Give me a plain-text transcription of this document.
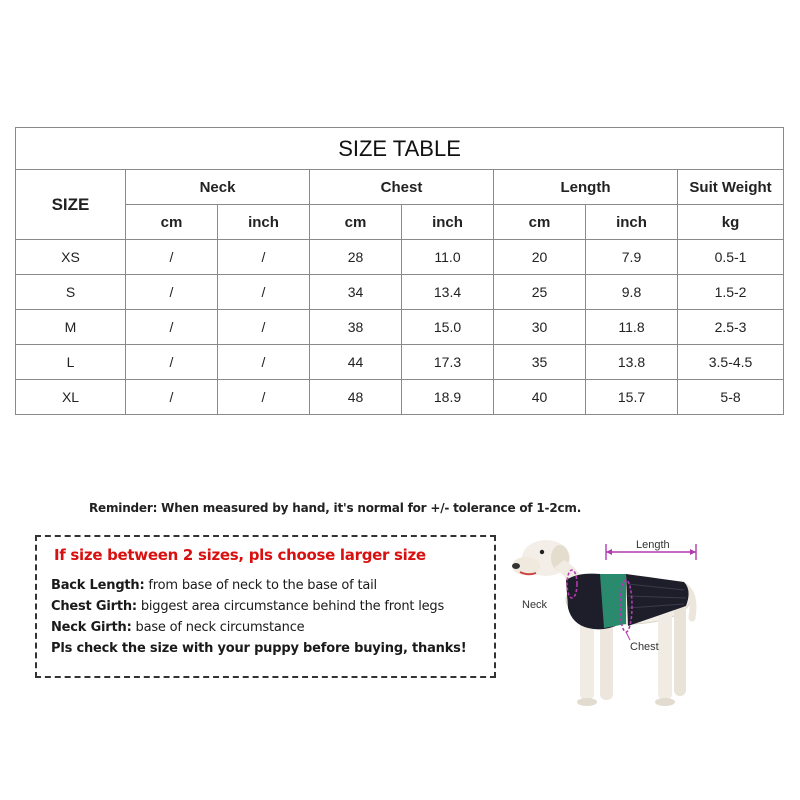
SIZE TABLE							
SIZE	Neck		Chest		Length		Suit Weight
	cm	inch	cm	inch	cm	inch	kg
XS	/	/	28	11.0	20	7.9	0.5-1
S	/	/	34	13.4	25	9.8	1.5-2
M	/	/	38	15.0	30	11.8	2.5-3
L	/	/	44	17.3	35	13.8	3.5-4.5
XL	/	/	48	18.9	40	15.7	5-8
Reminder: When measured by hand, it's normal for +/- tolerance of 1-2cm.
If size between 2 sizes, pls choose larger size
Back Length: from base of neck to the base of tail
Chest Girth: biggest area circumstance behind the front legs
Neck Girth: base of neck circumstance
Pls check the size with your puppy before buying, thanks!
Length
Neck
Chest
